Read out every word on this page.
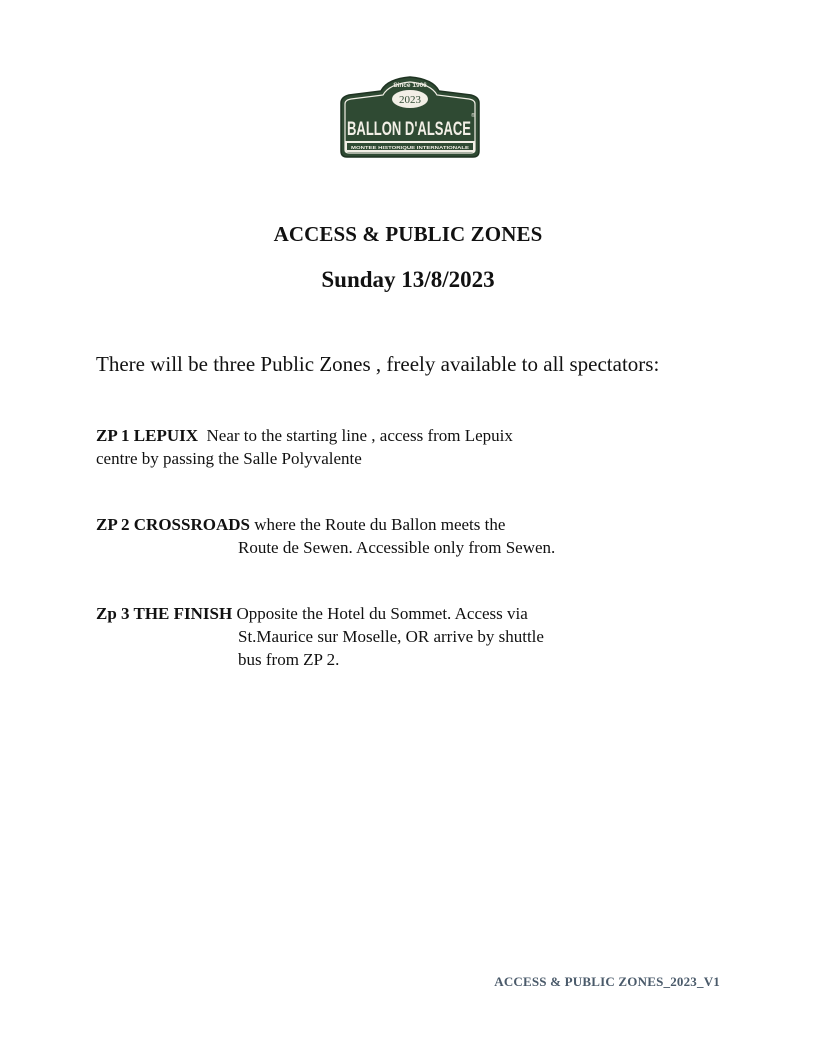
Since 1906
2023
BALLON D'ALSACE
®
MONTEE HISTORIQUE INTERNATIONALE
ACCESS & PUBLIC ZONES
Sunday 13/8/2023
There will be three Public Zones , freely available to all spectators:
ZP 1 LEPUIX Near to the starting line , access from Lepuix
centre by passing the Salle Polyvalente
ZP 2 CROSSROADS where the Route du Ballon meets the
Route de Sewen. Accessible only from Sewen.
Zp 3 THE FINISH Opposite the Hotel du Sommet. Access via
St.Maurice sur Moselle, OR arrive by shuttle
bus from ZP 2.
ACCESS & PUBLIC ZONES_2023_V1
